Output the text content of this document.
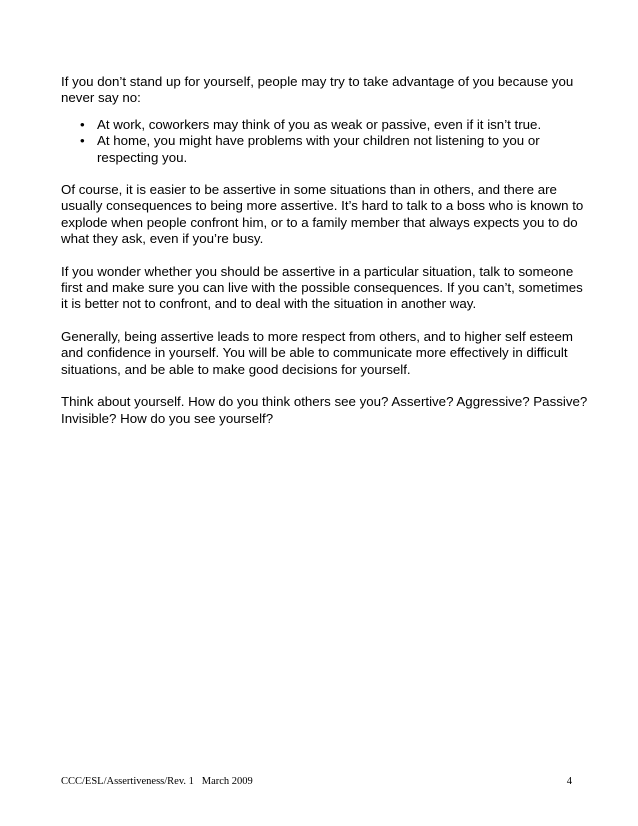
If you don’t stand up for yourself, people may try to take advantage of you because you never say no:

• At work, coworkers may think of you as weak or passive, even if it isn’t true.
• At home, you might have problems with your children not listening to you or respecting you.

Of course, it is easier to be assertive in some situations than in others, and there are usually consequences to being more assertive. It’s hard to talk to a boss who is known to explode when people confront him, or to a family member that always expects you to do what they ask, even if you’re busy.

If you wonder whether you should be assertive in a particular situation, talk to someone first and make sure you can live with the possible consequences. If you can’t, sometimes it is better not to confront, and to deal with the situation in another way.

Generally, being assertive leads to more respect from others, and to higher self esteem and confidence in yourself. You will be able to communicate more effectively in difficult situations, and be able to make good decisions for yourself.

Think about yourself. How do you think others see you? Assertive? Aggressive? Passive? Invisible? How do you see yourself?

CCC/ESL/Assertiveness/Rev. 1   March 2009	4
